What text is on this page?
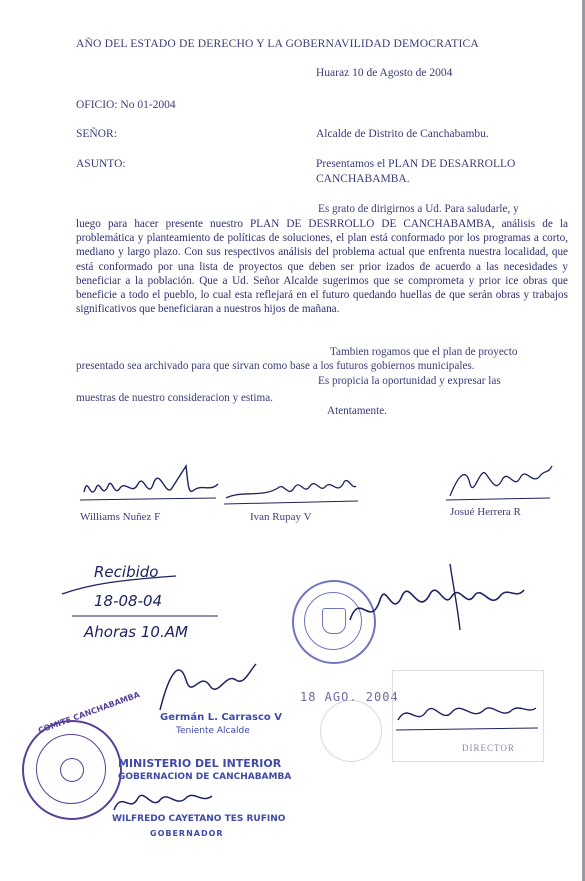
AÑO DEL ESTADO DE DERECHO Y LA GOBERNAVILIDAD DEMOCRATICA
Huaraz 10 de Agosto de 2004
OFICIO: No 01-2004
SEÑOR:	Alcalde de Distrito de Canchabambu.
ASUNTO:	Presentamos el PLAN DE DESARROLLO
CANCHABAMBA.
Es grato de dirigirnos a Ud. Para saludarle, y
luego para hacer presente nuestro PLAN DE DESRROLLO DE CANCHABAMBA, análisis de la problemática y planteamiento de políticas de soluciones, el plan está conformado por los programas a corto, mediano y largo plazo. Con sus respectivos análisis del problema actual que enfrenta nuestra localidad, que está conformado por una lista de proyectos que deben ser prior izados de acuerdo a las necesidades y beneficiar a la población. Que a Ud. Señor Alcalde sugerimos que se comprometa y prior ice obras que beneficie a todo el pueblo, lo cual esta reflejará en el futuro quedando huellas de que serán obras y trabajos significativos que beneficiaran a nuestros hijos de mañana.
Tambien rogamos que el plan de proyecto
presentado sea archivado para que sirvan como base a los futuros gobiernos municipales.
Es propicia la oportunidad y expresar las
muestras de nuestro consideracion y estima.
Atentamente.
Williams Nuñez F	Ivan Rupay V	Josué Herrera R
Recibido
18-08-04
Ahoras 10.AM
18 AGO. 2004
DIRECTOR
Germán L. Carrasco V
Teniente Alcalde
COMITE CANCHABAMBA
MINISTERIO DEL INTERIOR
GOBERNACION DE CANCHABAMBA
WILFREDO CAYETANO TES RUFINO
GOBERNADOR
